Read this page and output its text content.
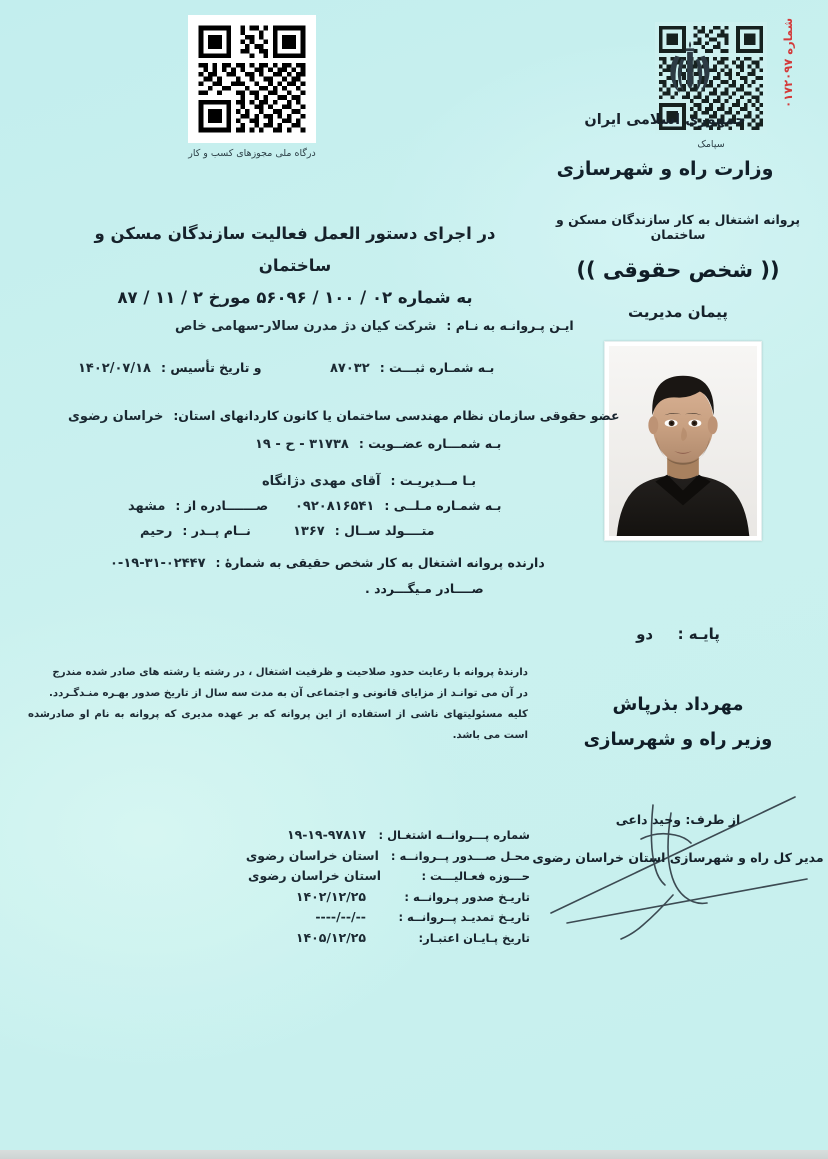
شماره ۰۱۷۲۰۹۷
سپامک
درگاه ملی مجوزهای کسب و کار
جمهوری اسلامی ایران
وزارت راه و شهرسازی
پروانه اشتغال به کار سازندگان مسکن و ساختمان
(( شخص حقوقی ))
پیمان مدیریت
در اجرای دستور العمل فعالیت سازندگان مسکن و ساختمان
به شماره ۰۲ / ۱۰۰ / ۵۶۰۹۶ مورخ ۲ / ۱۱ / ۸۷
ایـن پـروانـه به نـام :
شرکت کیان دژ مدرن سالار-سهامی خاص
بـه شمـاره ثبـــت :
۸۷۰۳۲
و تاریخ تأسیس :
۱۴۰۲/۰۷/۱۸
عضو حقوقی سازمان نظام مهندسی ساختمان یا کانون کاردانهای استان:
خراسان رضوی
بـه شمـــاره عضــویت :
۳۱۷۳۸ - ح - ۱۹
بـا مــدیریـت :
آقای مهدی دژانگاه
بـه شمـاره مـلــی :
۰۹۲۰۸۱۶۵۴۱
صـــــــادره از :
مشهد
متــــولد ســال :
۱۳۶۷
نــام پــدر :
رحیم
دارنده پروانه اشتغال به کار شخص حقیقی به شمارهٔ :
۰-۱۹-۳۱-۰۲۴۴۷
صــــادر مـیگـــردد .
دارندهٔ پروانه با رعایت حدود صلاحیت و ظرفیت اشتغال ، در رشته یا رشته های صادر شده مندرج
در آن می توانـد از مزایای قانونی و اجتماعی آن به مدت سه سال از تاریخ صدور بهـره منـدگـردد.
کلیه مسئولیتهای ناشی از استفاده از این پروانه که بر عهده مدیری که پروانه به نام او صادرشده است می باشد.
پایـه :  دو
مهرداد بذرپاش
وزیر راه و شهرسازی
از طرف: وحید داعی
مدیر کل راه و شهرسازی استان خراسان رضوی
شماره پـــروانــه اشتغـال :
۱۹-۱۹-۹۷۸۱۷
محـل صـــدور پــروانــه :
استان خراسان رضوی
حـــوزه فعـالیـــت :
استان خراسان رضوی
تاریـخ صدور پـروانــه :
۱۴۰۲/۱۲/۲۵
تاریـخ تمدیـد پــروانــه :
--/--/----
تاریخ پـایـان اعتبـار:
۱۴۰۵/۱۲/۲۵
